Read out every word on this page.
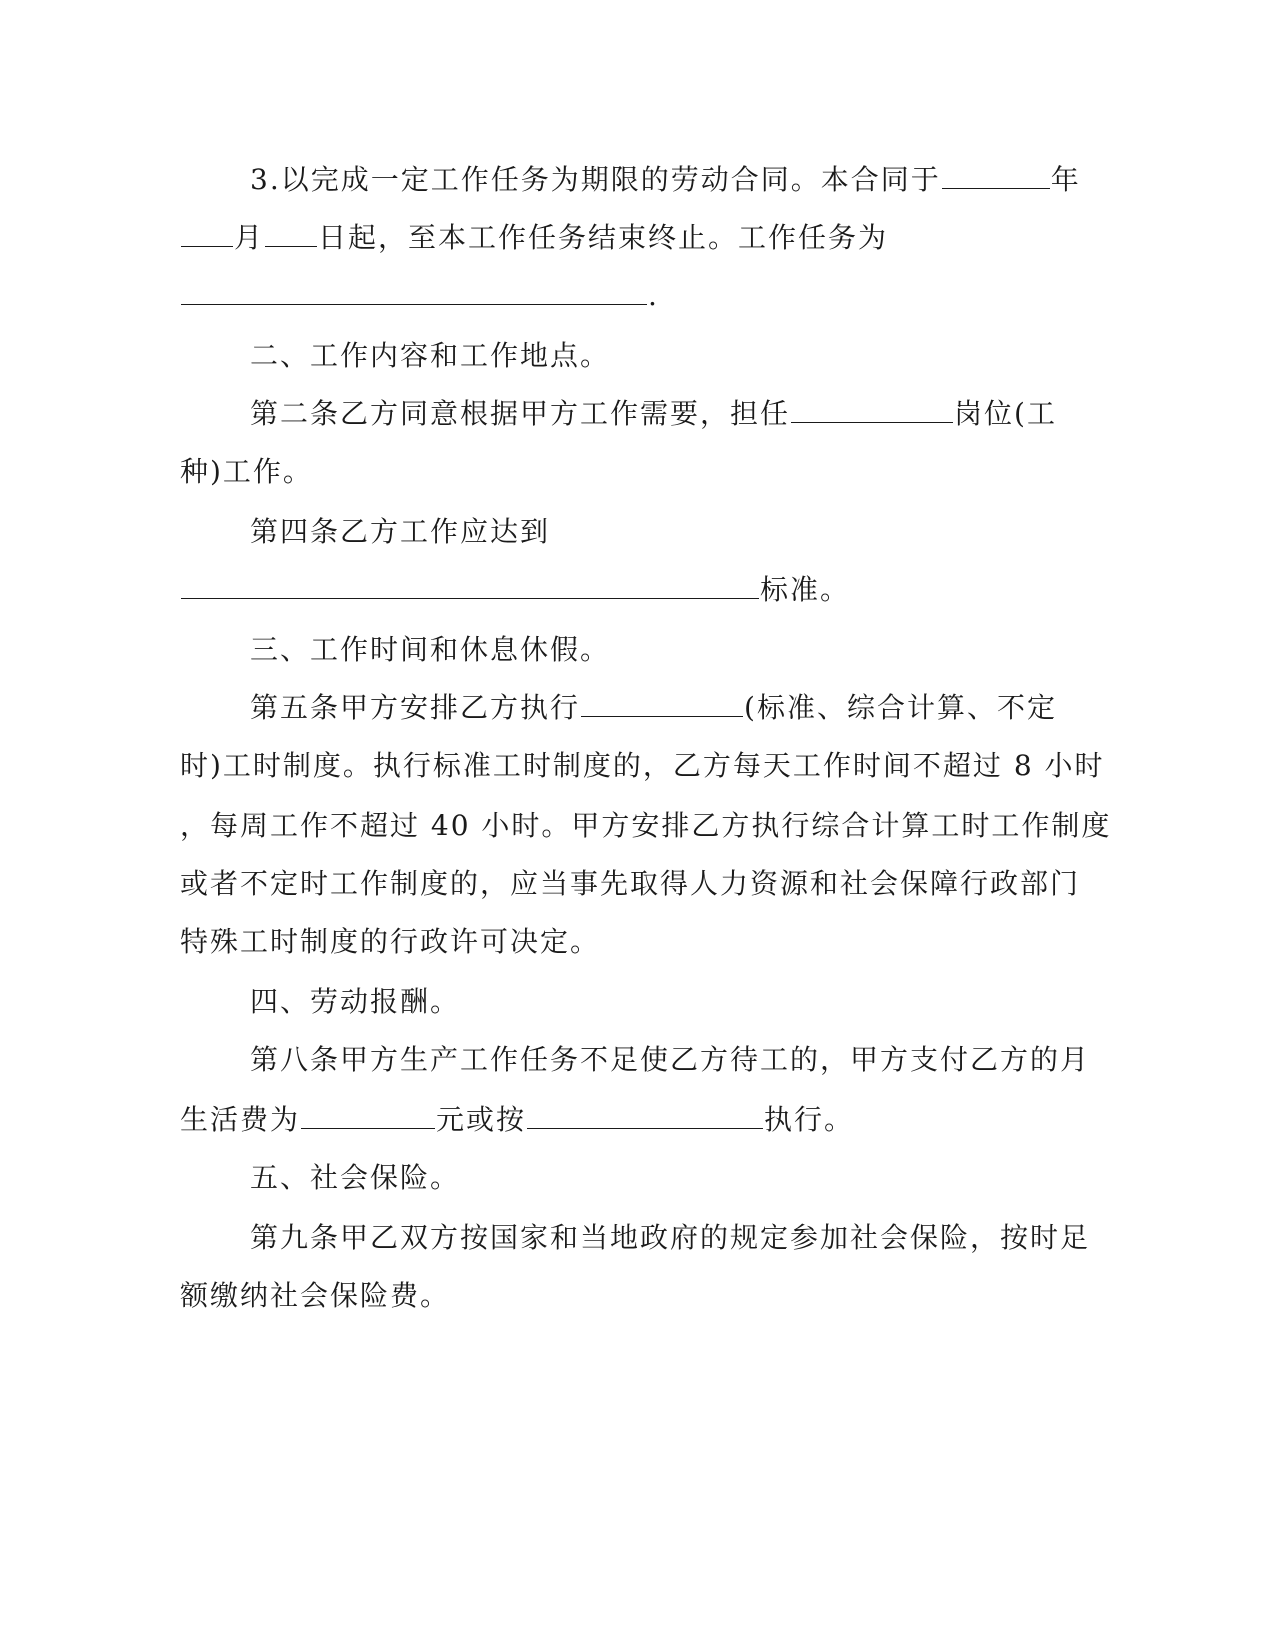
3.以完成一定工作任务为期限的劳动合同。本合同于	年
月 日起，至本工作任务结束终止。工作任务为
.
二、工作内容和工作地点。
第二条乙方同意根据甲方工作需要，担任	岗位(工
种)工作。
第四条乙方工作应达到
标准。
三、工作时间和休息休假。
第五条甲方安排乙方执行	(标准、综合计算、不定
时)工时制度。执行标准工时制度的，乙方每天工作时间不超过 8 小时
，每周工作不超过 40 小时。甲方安排乙方执行综合计算工时工作制度
或者不定时工作制度的，应当事先取得人力资源和社会保障行政部门
特殊工时制度的行政许可决定。
四、劳动报酬。
第八条甲方生产工作任务不足使乙方待工的，甲方支付乙方的月
生活费为	元或按	执行。
五、社会保险。
第九条甲乙双方按国家和当地政府的规定参加社会保险，按时足
额缴纳社会保险费。
